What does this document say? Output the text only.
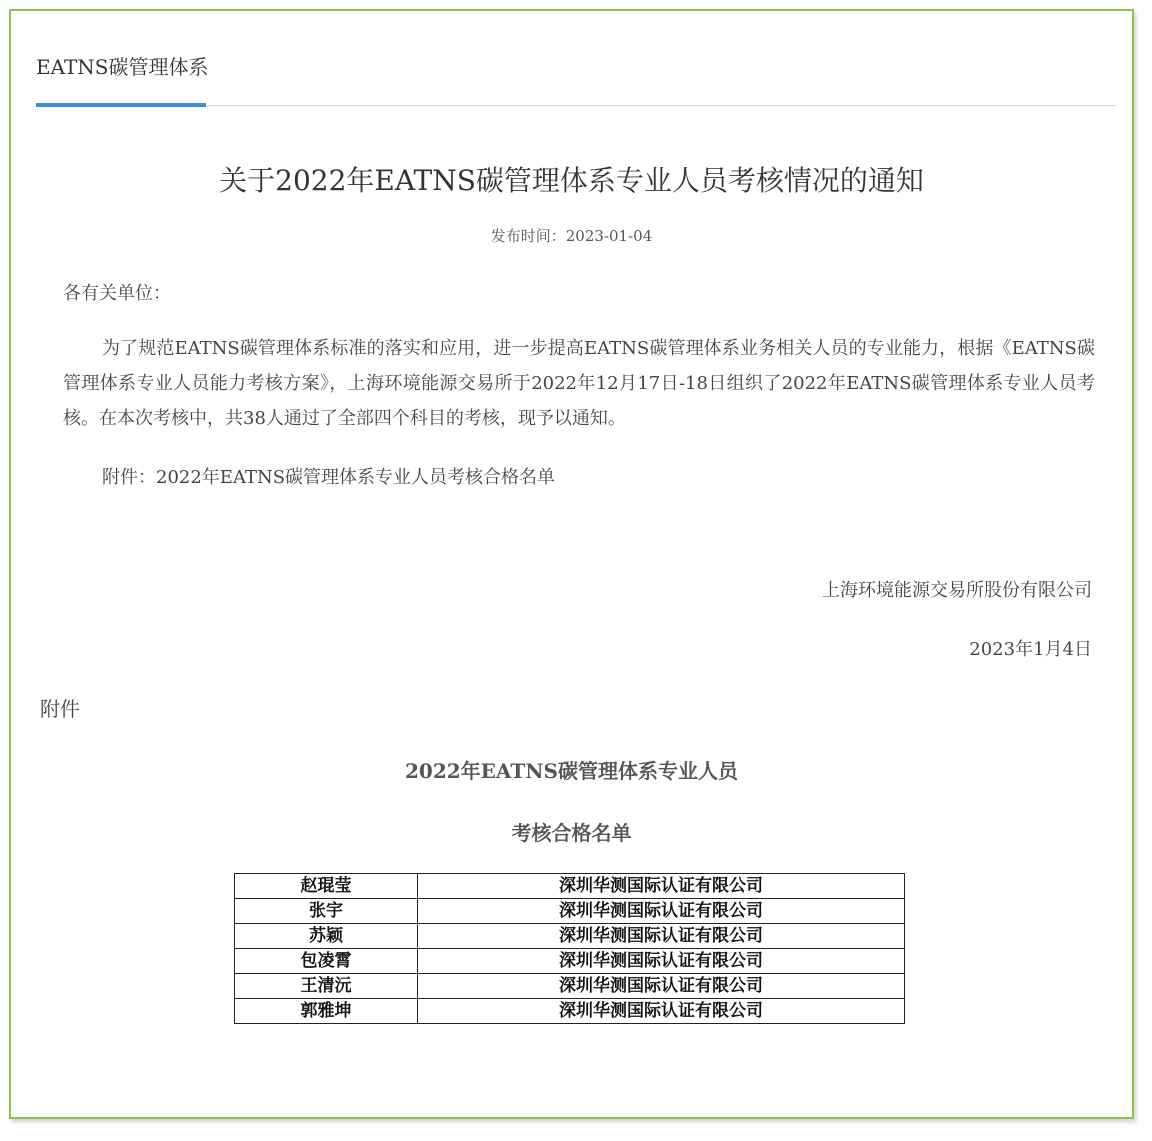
EATNS碳管理体系
关于2022年EATNS碳管理体系专业人员考核情况的通知
发布时间：2023-01-04
各有关单位：
为了规范EATNS碳管理体系标准的落实和应用，进一步提高EATNS碳管理体系业务相关人员的专业能力，根据《EATNS碳管理体系专业人员能力考核方案》，上海环境能源交易所于2022年12月17日-18日组织了2022年EATNS碳管理体系专业人员考核。在本次考核中，共38人通过了全部四个科目的考核，现予以通知。
附件：2022年EATNS碳管理体系专业人员考核合格名单
上海环境能源交易所股份有限公司
2023年1月4日
附件
2022年EATNS碳管理体系专业人员
考核合格名单
赵琨莹	深圳华测国际认证有限公司
张宇	深圳华测国际认证有限公司
苏颖	深圳华测国际认证有限公司
包凌霄	深圳华测国际认证有限公司
王清沅	深圳华测国际认证有限公司
郭雅坤	深圳华测国际认证有限公司
